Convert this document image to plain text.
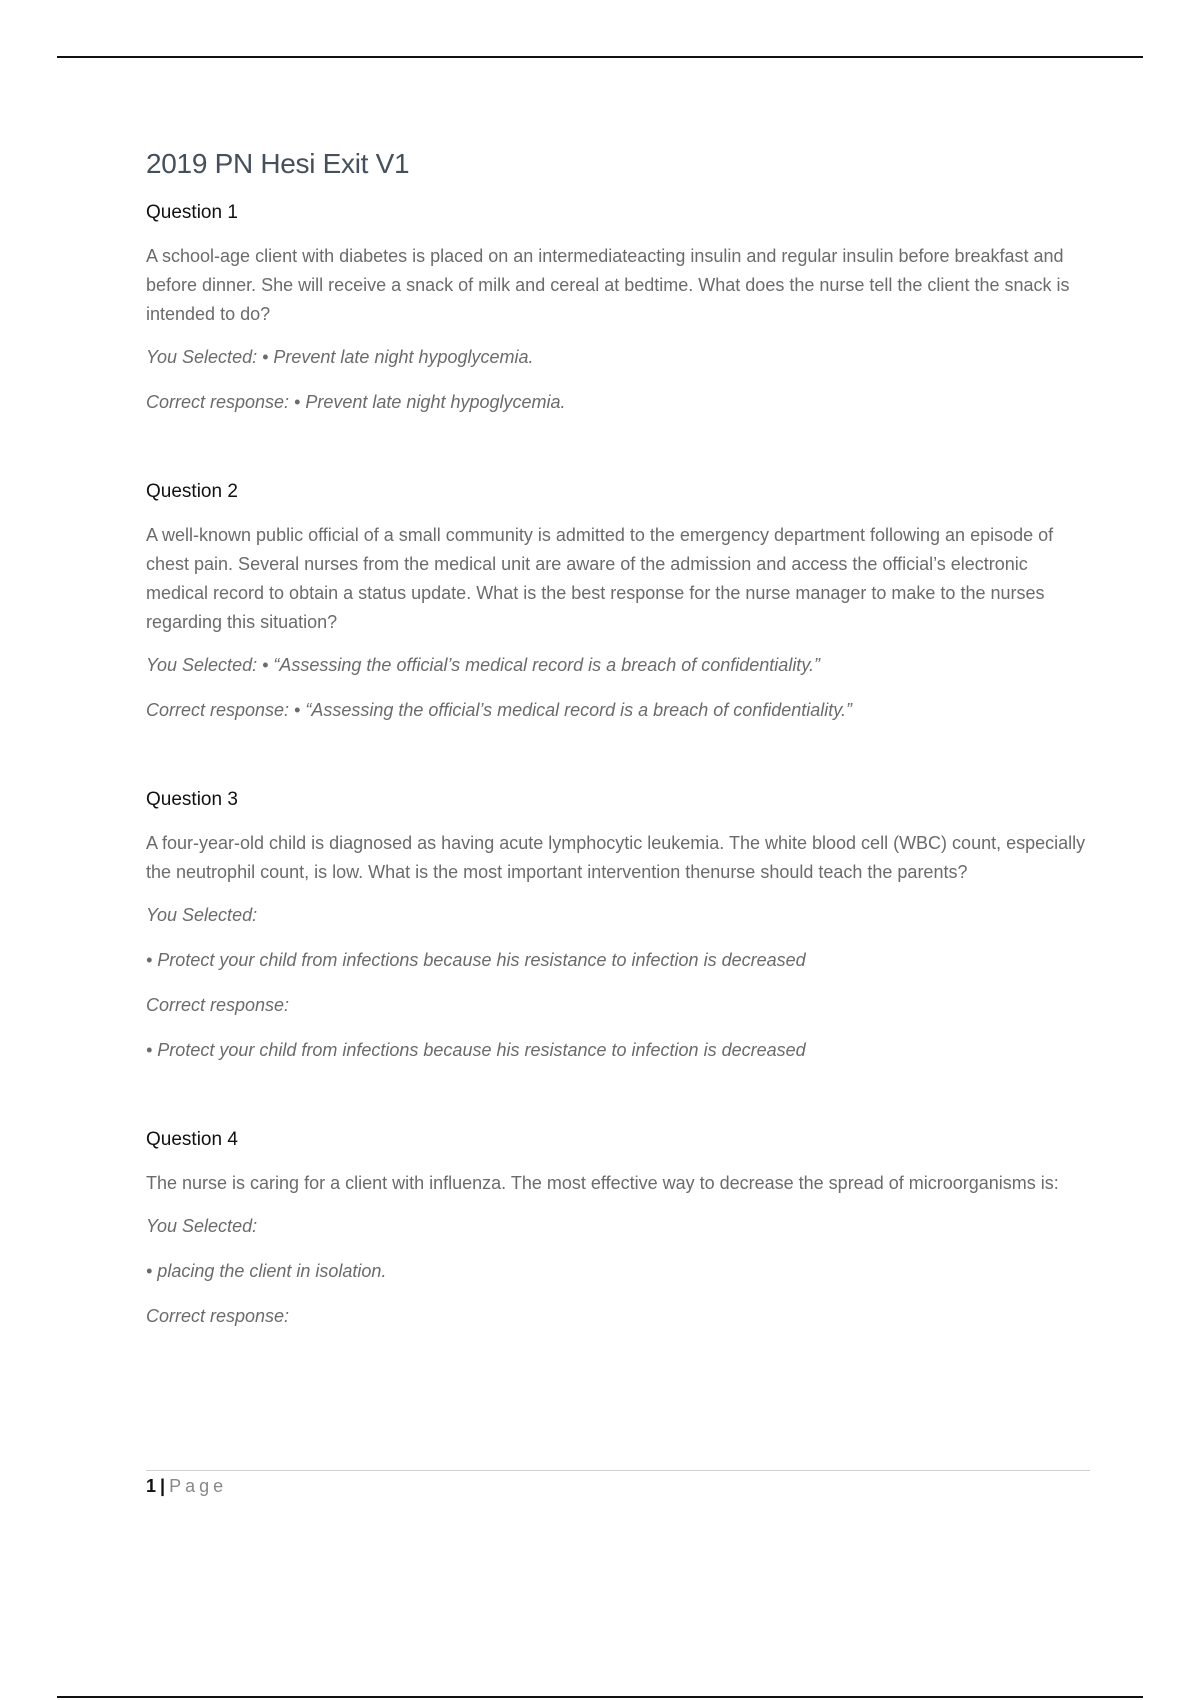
2019 PN Hesi Exit V1
Question 1
A school-age client with diabetes is placed on an intermediateacting insulin and regular insulin before breakfast and before dinner. She will receive a snack of milk and cereal at bedtime. What does the nurse tell the client the snack is intended to do?
You Selected: • Prevent late night hypoglycemia.
Correct response: • Prevent late night hypoglycemia.
Question 2
A well-known public official of a small community is admitted to the emergency department following an episode of chest pain. Several nurses from the medical unit are aware of the admission and access the official’s electronic medical record to obtain a status update. What is the best response for the nurse manager to make to the nurses regarding this situation?
You Selected: • “Assessing the official’s medical record is a breach of confidentiality.”
Correct response: • “Assessing the official’s medical record is a breach of confidentiality.”
Question 3
A four-year-old child is diagnosed as having acute lymphocytic leukemia. The white blood cell (WBC) count, especially the neutrophil count, is low. What is the most important intervention thenurse should teach the parents?
You Selected:
• Protect your child from infections because his resistance to infection is decreased
Correct response:
• Protect your child from infections because his resistance to infection is decreased
Question 4
The nurse is caring for a client with influenza. The most effective way to decrease the spread of microorganisms is:
You Selected:
• placing the client in isolation.
Correct response:
1 | Page
